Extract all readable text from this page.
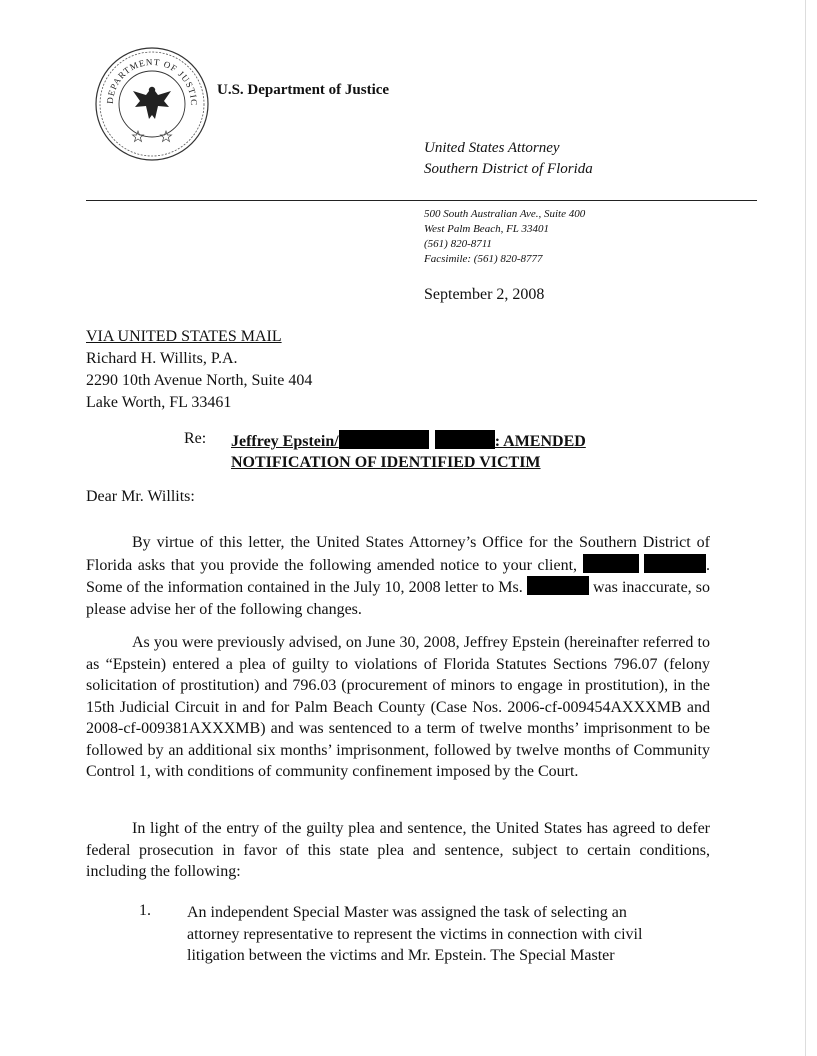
DEPARTMENT OF JUSTIC
U.S. Department of Justice
United States Attorney
Southern District of Florida
500 South Australian Ave., Suite 400
West Palm Beach, FL 33401
(561) 820-8711
Facsimile: (561) 820-8777
September 2, 2008
VIA UNITED STATES MAIL
Richard H. Willits, P.A.
2290 10th Avenue North, Suite 404
Lake Worth, FL 33461
Re: Jeffrey Epstein/	: AMENDED
NOTIFICATION OF IDENTIFIED VICTIM
Dear Mr. Willits:
By virtue of this letter, the United States Attorney’s Office for the Southern District of Florida asks that you provide the following amended notice to your client,	. Some of the information contained in the July 10, 2008 letter to Ms.	was inaccurate, so please advise her of the following changes.
As you were previously advised, on June 30, 2008, Jeffrey Epstein (hereinafter referred to as “Epstein) entered a plea of guilty to violations of Florida Statutes Sections 796.07 (felony solicitation of prostitution) and 796.03 (procurement of minors to engage in prostitution), in the 15th Judicial Circuit in and for Palm Beach County (Case Nos. 2006-cf-009454AXXXMB and 2008-cf-009381AXXXMB) and was sentenced to a term of twelve months’ imprisonment to be followed by an additional six months’ imprisonment, followed by twelve months of Community Control 1, with conditions of community confinement imposed by the Court.
In light of the entry of the guilty plea and sentence, the United States has agreed to defer federal prosecution in favor of this state plea and sentence, subject to certain conditions, including the following:
1. An independent Special Master was assigned the task of selecting an attorney representative to represent the victims in connection with civil litigation between the victims and Mr. Epstein. The Special Master
